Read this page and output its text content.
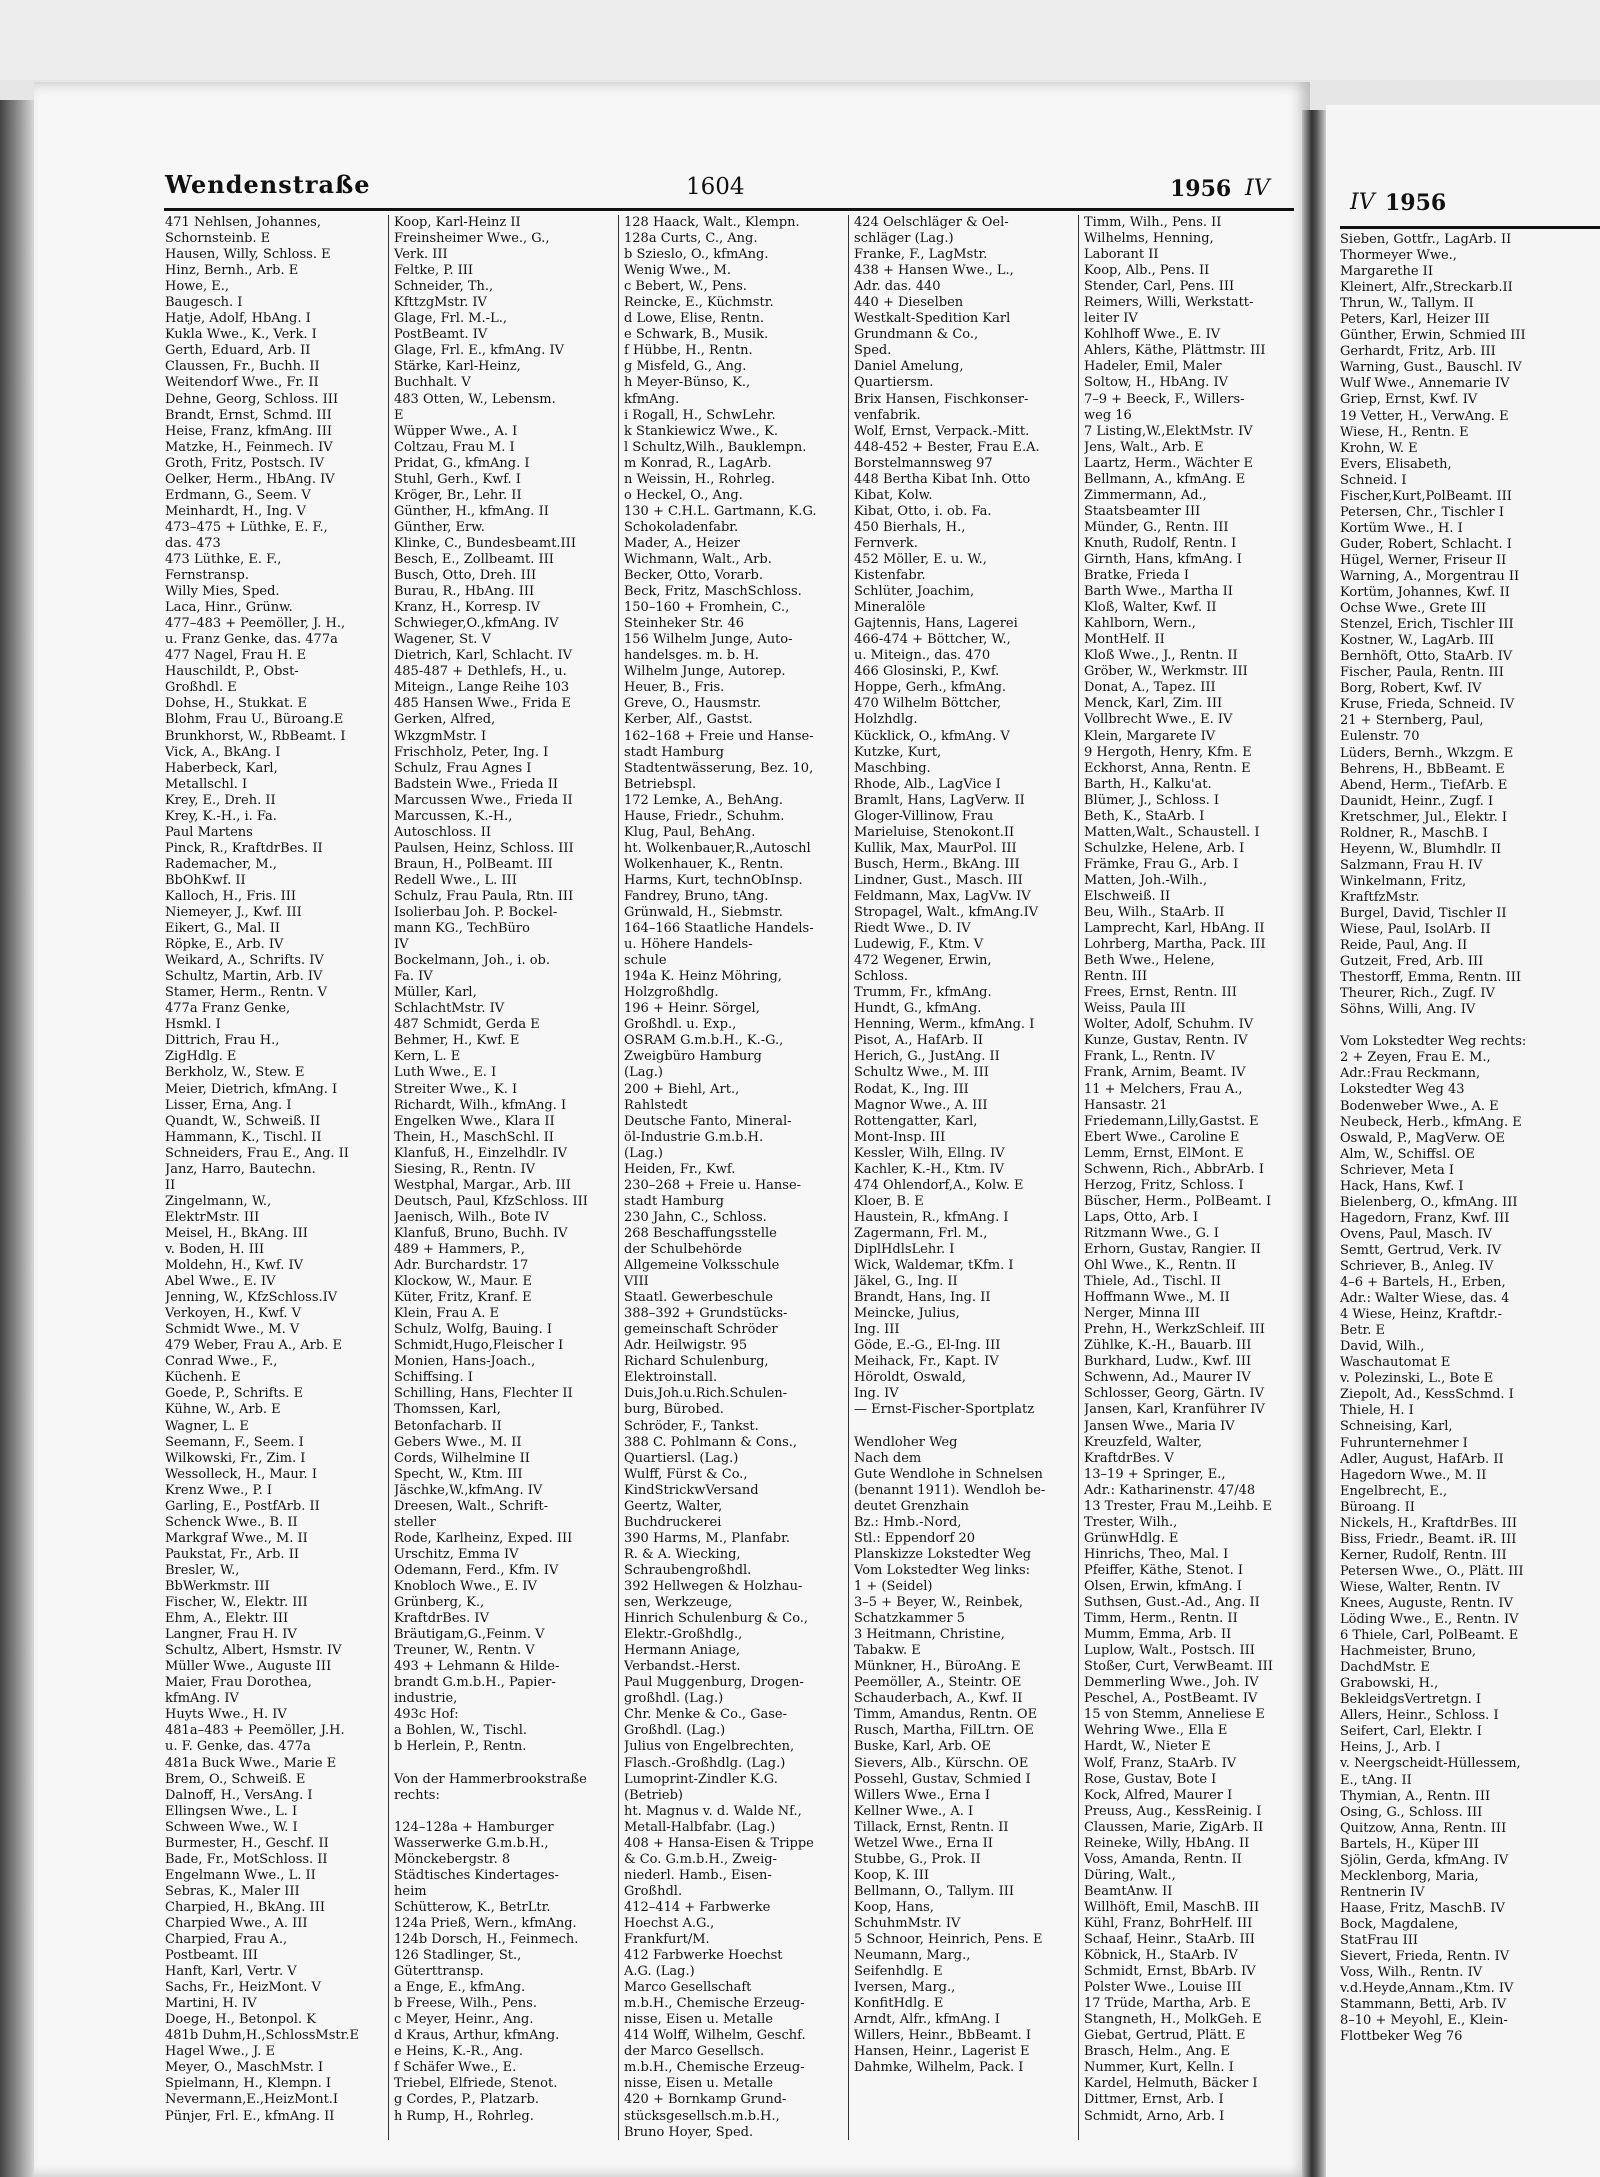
Wendenstraße	1604	1956 IV
IV 1956
471 Nehlsen, Johannes,
Schornsteinb. E
Hausen, Willy, Schloss. E
Hinz, Bernh., Arb. E
Howe, E.,
Baugesch. I
Hatje, Adolf, HbAng. I
Kukla Wwe., K., Verk. I
Gerth, Eduard, Arb. II
Claussen, Fr., Buchh. II
Weitendorf Wwe., Fr. II
Dehne, Georg, Schloss. III
Brandt, Ernst, Schmd. III
Heise, Franz, kfmAng. III
Matzke, H., Feinmech. IV
Groth, Fritz, Postsch. IV
Oelker, Herm., HbAng. IV
Erdmann, G., Seem. V
Meinhardt, H., Ing. V
473–475 + Lüthke, E. F.,
das. 473
473 Lüthke, E. F.,
Fernstransp.
Willy Mies, Sped.
Laca, Hinr., Grünw.
477–483 + Peemöller, J. H.,
u. Franz Genke, das. 477a
477 Nagel, Frau H. E
Hauschildt, P., Obst-
Großhdl. E
Dohse, H., Stukkat. E
Blohm, Frau U., Büroang.E
Brunkhorst, W., RbBeamt. I
Vick, A., BkAng. I
Haberbeck, Karl,
Metallschl. I
Krey, E., Dreh. II
Krey, K.-H., i. Fa.
Paul Martens
Pinck, R., KraftdrBes. II
Rademacher, M.,
BbOhKwf. II
Kalloch, H., Fris. III
Niemeyer, J., Kwf. III
Eikert, G., Mal. II
Röpke, E., Arb. IV
Weikard, A., Schrifts. IV
Schultz, Martin, Arb. IV
Stamer, Herm., Rentn. V
477a Franz Genke,
Hsmkl. I
Dittrich, Frau H.,
ZigHdlg. E
Berkholz, W., Stew. E
Meier, Dietrich, kfmAng. I
Lisser, Erna, Ang. I
Quandt, W., Schweiß. II
Hammann, K., Tischl. II
Schneiders, Frau E., Ang. II
Janz, Harro, Bautechn.
II
Zingelmann, W.,
ElektrMstr. III
Meisel, H., BkAng. III
v. Boden, H. III
Moldehn, H., Kwf. IV
Abel Wwe., E. IV
Jenning, W., KfzSchloss.IV
Verkoyen, H., Kwf. V
Schmidt Wwe., M. V
479 Weber, Frau A., Arb. E
Conrad Wwe., F.,
Küchenh. E
Goede, P., Schrifts. E
Kühne, W., Arb. E
Wagner, L. E
Seemann, F., Seem. I
Wilkowski, Fr., Zim. I
Wessolleck, H., Maur. I
Krenz Wwe., P. I
Garling, E., PostfArb. II
Schenck Wwe., B. II
Markgraf Wwe., M. II
Paukstat, Fr., Arb. II
Bresler, W.,
BbWerkmstr. III
Fischer, W., Elektr. III
Ehm, A., Elektr. III
Langner, Frau H. IV
Schultz, Albert, Hsmstr. IV
Müller Wwe., Auguste III
Maier, Frau Dorothea,
kfmAng. IV
Huyts Wwe., H. IV
481a–483 + Peemöller, J.H.
u. F. Genke, das. 477a
481a Buck Wwe., Marie E
Brem, O., Schweiß. E
Dalnoff, H., VersAng. I
Ellingsen Wwe., L. I
Schween Wwe., W. I
Burmester, H., Geschf. II
Bade, Fr., MotSchloss. II
Engelmann Wwe., L. II
Sebras, K., Maler III
Charpied, H., BkAng. III
Charpied Wwe., A. III
Charpied, Frau A.,
Postbeamt. III
Hanft, Karl, Vertr. V
Sachs, Fr., HeizMont. V
Martini, H. IV
Doege, H., Betonpol. K
481b Duhm,H.,SchlossMstr.E
Hagel Wwe., J. E
Meyer, O., MaschMstr. I
Spielmann, H., Klempn. I
Nevermann,E.,HeizMont.I
Pünjer, Frl. E., kfmAng. II
Koop, Karl-Heinz II
Freinsheimer Wwe., G.,
Verk. III
Feltke, P. III
Schneider, Th.,
KfttzgMstr. IV
Glage, Frl. M.-L.,
PostBeamt. IV
Glage, Frl. E., kfmAng. IV
Stärke, Karl-Heinz,
Buchhalt. V
483 Otten, W., Lebensm.
E
Wüpper Wwe., A. I
Coltzau, Frau M. I
Pridat, G., kfmAng. I
Stuhl, Gerh., Kwf. I
Kröger, Br., Lehr. II
Günther, H., kfmAng. II
Günther, Erw.
Klinke, C., Bundesbeamt.III
Besch, E., Zollbeamt. III
Busch, Otto, Dreh. III
Burau, R., HbAng. III
Kranz, H., Korresp. IV
Schwieger,O.,kfmAng. IV
Wagener, St. V
Dietrich, Karl, Schlacht. IV
485-487 + Dethlefs, H., u.
Miteign., Lange Reihe 103
485 Hansen Wwe., Frida E
Gerken, Alfred,
WkzgmMstr. I
Frischholz, Peter, Ing. I
Schulz, Frau Agnes I
Badstein Wwe., Frieda II
Marcussen Wwe., Frieda II
Marcussen, K.-H.,
Autoschloss. II
Paulsen, Heinz, Schloss. III
Braun, H., PolBeamt. III
Redell Wwe., L. III
Schulz, Frau Paula, Rtn. III
Isolierbau Joh. P. Bockel-
mann KG., TechBüro
IV
Bockelmann, Joh., i. ob.
Fa. IV
Müller, Karl,
SchlachtMstr. IV
487 Schmidt, Gerda E
Behmer, H., Kwf. E
Kern, L. E
Luth Wwe., E. I
Streiter Wwe., K. I
Richardt, Wilh., kfmAng. I
Engelken Wwe., Klara II
Thein, H., MaschSchl. II
Klanfuß, H., Einzelhdlr. IV
Siesing, R., Rentn. IV
Westphal, Margar., Arb. III
Deutsch, Paul, KfzSchloss. III
Jaenisch, Wilh., Bote IV
Klanfuß, Bruno, Buchh. IV
489 + Hammers, P.,
Adr. Burchardstr. 17
Klockow, W., Maur. E
Küter, Fritz, Kranf. E
Klein, Frau A. E
Schulz, Wolfg, Bauing. I
Schmidt,Hugo,Fleischer I
Monien, Hans-Joach.,
Schiffsing. I
Schilling, Hans, Flechter II
Thomssen, Karl,
Betonfacharb. II
Gebers Wwe., M. II
Cords, Wilhelmine II
Specht, W., Ktm. III
Jäschke,W.,kfmAng. IV
Dreesen, Walt., Schrift-
steller
Rode, Karlheinz, Exped. III
Urschitz, Emma IV
Odemann, Ferd., Kfm. IV
Knobloch Wwe., E. IV
Grünberg, K.,
KraftdrBes. IV
Bräutigam,G.,Feinm. V
Treuner, W., Rentn. V
493 + Lehmann & Hilde-
brandt G.m.b.H., Papier-
industrie,
493c Hof:
a Bohlen, W., Tischl.
b Herlein, P., Rentn.

Von der Hammerbrookstraße
rechts:

124–128a + Hamburger
Wasserwerke G.m.b.H.,
Mönckebergstr. 8
Städtisches Kindertages-
heim
Schütterow, K., BetrLtr.
124a Prieß, Wern., kfmAng.
124b Dorsch, H., Feinmech.
126 Stadlinger, St.,
Güterttransp.
a Enge, E., kfmAng.
b Freese, Wilh., Pens.
c Meyer, Heinr., Ang.
d Kraus, Arthur, kfmAng.
e Heins, K.-R., Ang.
f Schäfer Wwe., E.
Triebel, Elfriede, Stenot.
g Cordes, P., Platzarb.
h Rump, H., Rohrleg.
128 Haack, Walt., Klempn.
128a Curts, C., Ang.
b Szieslo, O., kfmAng.
Wenig Wwe., M.
c Bebert, W., Pens.
Reincke, E., Küchmstr.
d Lowe, Elise, Rentn.
e Schwark, B., Musik.
f Hübbe, H., Rentn.
g Misfeld, G., Ang.
h Meyer-Bünso, K.,
kfmAng.
i Rogall, H., SchwLehr.
k Stankiewicz Wwe., K.
l Schultz,Wilh., Bauklempn.
m Konrad, R., LagArb.
n Weissin, H., Rohrleg.
o Heckel, O., Ang.
130 + C.H.L. Gartmann, K.G.
Schokoladenfabr.
Mader, A., Heizer
Wichmann, Walt., Arb.
Becker, Otto, Vorarb.
Beck, Fritz, MaschSchloss.
150–160 + Fromhein, C.,
Steinheker Str. 46
156 Wilhelm Junge, Auto-
handelsges. m. b. H.
Wilhelm Junge, Autorep.
Heuer, B., Fris.
Greve, O., Hausmstr.
Kerber, Alf., Gastst.
162–168 + Freie und Hanse-
stadt Hamburg
Stadtentwässerung, Bez. 10,
Betriebspl.
172 Lemke, A., BehAng.
Hause, Friedr., Schuhm.
Klug, Paul, BehAng.
ht. Wolkenbauer,R.,Autoschl
Wolkenhauer, K., Rentn.
Harms, Kurt, technObInsp.
Fandrey, Bruno, tAng.
Grünwald, H., Siebmstr.
164–166 Staatliche Handels-
u. Höhere Handels-
schule
194a K. Heinz Möhring,
Holzgroßhdlg.
196 + Heinr. Sörgel,
Großhdl. u. Exp.,
OSRAM G.m.b.H., K.-G.,
Zweigbüro Hamburg
(Lag.)
200 + Biehl, Art.,
Rahlstedt
Deutsche Fanto, Mineral-
öl-Industrie G.m.b.H.
(Lag.)
Heiden, Fr., Kwf.
230–268 + Freie u. Hanse-
stadt Hamburg
230 Jahn, C., Schloss.
268 Beschaffungsstelle
der Schulbehörde
Allgemeine Volksschule
VIII
Staatl. Gewerbeschule
388–392 + Grundstücks-
gemeinschaft Schröder
Adr. Heilwigstr. 95
Richard Schulenburg,
Elektroinstall.
Duis,Joh.u.Rich.Schulen-
burg, Bürobed.
Schröder, F., Tankst.
388 C. Pohlmann & Cons.,
Quartiersl. (Lag.)
Wulff, Fürst & Co.,
KindStrickwVersand
Geertz, Walter,
Buchdruckerei
390 Harms, M., Planfabr.
R. & A. Wiecking,
Schraubengroßhdl.
392 Hellwegen & Holzhau-
sen, Werkzeuge,
Hinrich Schulenburg & Co.,
Elektr.-Großhdlg.,
Hermann Aniage,
Verbandst.-Herst.
Paul Muggenburg, Drogen-
großhdl. (Lag.)
Chr. Menke & Co., Gase-
Großhdl. (Lag.)
Julius von Engelbrechten,
Flasch.-Großhdlg. (Lag.)
Lumoprint-Zindler K.G.
(Betrieb)
ht. Magnus v. d. Walde Nf.,
Metall-Halbfabr. (Lag.)
408 + Hansa-Eisen & Trippe
& Co. G.m.b.H., Zweig-
niederl. Hamb., Eisen-
Großhdl.
412–414 + Farbwerke
Hoechst A.G.,
Frankfurt/M.
412 Farbwerke Hoechst
A.G. (Lag.)
Marco Gesellschaft
m.b.H., Chemische Erzeug-
nisse, Eisen u. Metalle
414 Wolff, Wilhelm, Geschf.
der Marco Gesellsch.
m.b.H., Chemische Erzeug-
nisse, Eisen u. Metalle
420 + Bornkamp Grund-
stücksgesellsch.m.b.H.,
Bruno Hoyer, Sped.
424 Oelschläger & Oel-
schläger (Lag.)
Franke, F., LagMstr.
438 + Hansen Wwe., L.,
Adr. das. 440
440 + Dieselben
Westkalt-Spedition Karl
Grundmann & Co.,
Sped.
Daniel Amelung,
Quartiersm.
Brix Hansen, Fischkonser-
venfabrik.
Wolf, Ernst, Verpack.-Mitt.
448-452 + Bester, Frau E.A.
Borstelmannsweg 97
448 Bertha Kibat Inh. Otto
Kibat, Kolw.
Kibat, Otto, i. ob. Fa.
450 Bierhals, H.,
Fernverk.
452 Möller, E. u. W.,
Kistenfabr.
Schlüter, Joachim,
Mineralöle
Gajtennis, Hans, Lagerei
466-474 + Böttcher, W.,
u. Miteign., das. 470
466 Glosinski, P., Kwf.
Hoppe, Gerh., kfmAng.
470 Wilhelm Böttcher,
Holzhdlg.
Kücklick, O., kfmAng. V
Kutzke, Kurt,
Maschbing.
Rhode, Alb., LagVice I
Bramlt, Hans, LagVerw. II
Gloger-Villinow, Frau
Marieluise, Stenokont.II
Kullik, Max, MaurPol. III
Busch, Herm., BkAng. III
Lindner, Gust., Masch. III
Feldmann, Max, LagVw. IV
Stropagel, Walt., kfmAng.IV
Riedt Wwe., D. IV
Ludewig, F., Ktm. V
472 Wegener, Erwin,
Schloss.
Trumm, Fr., kfmAng.
Hundt, G., kfmAng.
Henning, Werm., kfmAng. I
Pisot, A., HafArb. II
Herich, G., JustAng. II
Schultz Wwe., M. III
Rodat, K., Ing. III
Magnor Wwe., A. III
Rottengatter, Karl,
Mont-Insp. III
Kessler, Wilh, Ellng. IV
Kachler, K.-H., Ktm. IV
474 Ohlendorf,A., Kolw. E
Kloer, B. E
Haustein, R., kfmAng. I
Zagermann, Frl. M.,
DiplHdlsLehr. I
Wick, Waldemar, tKfm. I
Jäkel, G., Ing. II
Brandt, Hans, Ing. II
Meincke, Julius,
Ing. III
Göde, E.-G., El-Ing. III
Meihack, Fr., Kapt. IV
Höroldt, Oswald,
Ing. IV
— Ernst-Fischer-Sportplatz

Wendloher Weg
Nach dem
Gute Wendlohe in Schnelsen
(benannt 1911). Wendloh be-
deutet Grenzhain
Bz.: Hmb.-Nord,
Stl.: Eppendorf 20
Planskizze Lokstedter Weg
Vom Lokstedter Weg links:
1 + (Seidel)
3–5 + Beyer, W., Reinbek,
Schatzkammer 5
3 Heitmann, Christine,
Tabakw. E
Münkner, H., BüroAng. E
Peemöller, A., Steintr. OE
Schauderbach, A., Kwf. II
Timm, Amandus, Rentn. OE
Rusch, Martha, FilLtrn. OE
Buske, Karl, Arb. OE
Sievers, Alb., Kürschn. OE
Possehl, Gustav, Schmied I
Willers Wwe., Erna I
Kellner Wwe., A. I
Tillack, Ernst, Rentn. II
Wetzel Wwe., Erna II
Stubbe, G., Prok. II
Koop, K. III
Bellmann, O., Tallym. III
Koop, Hans,
SchuhmMstr. IV
5 Schnoor, Heinrich, Pens. E
Neumann, Marg.,
Seifenhdlg. E
Iversen, Marg.,
KonfitHdlg. E
Arndt, Alfr., kfmAng. I
Willers, Heinr., BbBeamt. I
Hansen, Heinr., Lagerist E
Dahmke, Wilhelm, Pack. I
Timm, Wilh., Pens. II
Wilhelms, Henning,
Laborant II
Koop, Alb., Pens. II
Stender, Carl, Pens. III
Reimers, Willi, Werkstatt-
leiter IV
Kohlhoff Wwe., E. IV
Ahlers, Käthe, Plättmstr. III
Hadeler, Emil, Maler
Soltow, H., HbAng. IV
7–9 + Beeck, F., Willers-
weg 16
7 Listing,W.,ElektMstr. IV
Jens, Walt., Arb. E
Laartz, Herm., Wächter E
Bellmann, A., kfmAng. E
Zimmermann, Ad.,
Staatsbeamter III
Münder, G., Rentn. III
Knuth, Rudolf, Rentn. I
Girnth, Hans, kfmAng. I
Bratke, Frieda I
Barth Wwe., Martha II
Kloß, Walter, Kwf. II
Kahlborn, Wern.,
MontHelf. II
Kloß Wwe., J., Rentn. II
Gröber, W., Werkmstr. III
Donat, A., Tapez. III
Menck, Karl, Zim. III
Vollbrecht Wwe., E. IV
Klein, Margarete IV
9 Hergoth, Henry, Kfm. E
Eckhorst, Anna, Rentn. E
Barth, H., Kalku'at.
Blümer, J., Schloss. I
Beth, K., StaArb. I
Matten,Walt., Schaustell. I
Schulzke, Helene, Arb. I
Främke, Frau G., Arb. I
Matten, Joh.-Wilh.,
Elschweiß. II
Beu, Wilh., StaArb. II
Lamprecht, Karl, HbAng. II
Lohrberg, Martha, Pack. III
Beth Wwe., Helene,
Rentn. III
Frees, Ernst, Rentn. III
Weiss, Paula III
Wolter, Adolf, Schuhm. IV
Kunze, Gustav, Rentn. IV
Frank, L., Rentn. IV
Frank, Arnim, Beamt. IV
11 + Melchers, Frau A.,
Hansastr. 21
Friedemann,Lilly,Gastst. E
Ebert Wwe., Caroline E
Lemm, Ernst, ElMont. E
Schwenn, Rich., AbbrArb. I
Herzog, Fritz, Schloss. I
Büscher, Herm., PolBeamt. I
Laps, Otto, Arb. I
Ritzmann Wwe., G. I
Erhorn, Gustav, Rangier. II
Ohl Wwe., K., Rentn. II
Thiele, Ad., Tischl. II
Hoffmann Wwe., M. II
Nerger, Minna III
Prehn, H., WerkzSchleif. III
Zühlke, K.-H., Bauarb. III
Burkhard, Ludw., Kwf. III
Schwenn, Ad., Maurer IV
Schlosser, Georg, Gärtn. IV
Jansen, Karl, Kranführer IV
Jansen Wwe., Maria IV
Kreuzfeld, Walter,
KraftdrBes. V
13–19 + Springer, E.,
Adr.: Katharinenstr. 47/48
13 Trester, Frau M.,Leihb. E
Trester, Wilh.,
GrünwHdlg. E
Hinrichs, Theo, Mal. I
Pfeiffer, Käthe, Stenot. I
Olsen, Erwin, kfmAng. I
Suthsen, Gust.-Ad., Ang. II
Timm, Herm., Rentn. II
Mumm, Emma, Arb. II
Luplow, Walt., Postsch. III
Stoßer, Curt, VerwBeamt. III
Demmerling Wwe., Joh. IV
Peschel, A., PostBeamt. IV
15 von Stemm, Anneliese E
Wehring Wwe., Ella E
Hardt, W., Nieter E
Wolf, Franz, StaArb. IV
Rose, Gustav, Bote I
Kock, Alfred, Maurer I
Preuss, Aug., KessReinig. I
Claussen, Marie, ZigArb. II
Reineke, Willy, HbAng. II
Voss, Amanda, Rentn. II
Düring, Walt.,
BeamtAnw. II
Willhöft, Emil, MaschB. III
Kühl, Franz, BohrHelf. III
Schaaf, Heinr., StaArb. III
Köbnick, H., StaArb. IV
Schmidt, Ernst, BbArb. IV
Polster Wwe., Louise III
17 Trüde, Martha, Arb. E
Stangneth, H., MolkGeh. E
Giebat, Gertrud, Plätt. E
Brasch, Helm., Ang. E
Nummer, Kurt, Kelln. I
Kardel, Helmuth, Bäcker I
Dittmer, Ernst, Arb. I
Schmidt, Arno, Arb. I
Sieben, Gottfr., LagArb. II
Thormeyer Wwe.,
Margarethe II
Kleinert, Alfr.,Streckarb.II
Thrun, W., Tallym. II
Peters, Karl, Heizer III
Günther, Erwin, Schmied III
Gerhardt, Fritz, Arb. III
Warning, Gust., Bauschl. IV
Wulf Wwe., Annemarie IV
Griep, Ernst, Kwf. IV
19 Vetter, H., VerwAng. E
Wiese, H., Rentn. E
Krohn, W. E
Evers, Elisabeth,
Schneid. I
Fischer,Kurt,PolBeamt. III
Petersen, Chr., Tischler I
Kortüm Wwe., H. I
Guder, Robert, Schlacht. I
Hügel, Werner, Friseur II
Warning, A., Morgentrau II
Kortüm, Johannes, Kwf. II
Ochse Wwe., Grete III
Stenzel, Erich, Tischler III
Kostner, W., LagArb. III
Bernhöft, Otto, StaArb. IV
Fischer, Paula, Rentn. III
Borg, Robert, Kwf. IV
Kruse, Frieda, Schneid. IV
21 + Sternberg, Paul,
Eulenstr. 70
Lüders, Bernh., Wkzgm. E
Behrens, H., BbBeamt. E
Abend, Herm., TiefArb. E
Daunidt, Heinr., Zugf. I
Kretschmer, Jul., Elektr. I
Roldner, R., MaschB. I
Heyenn, W., Blumhdlr. II
Salzmann, Frau H. IV
Winkelmann, Fritz,
KraftfzMstr.
Burgel, David, Tischler II
Wiese, Paul, IsolArb. II
Reide, Paul, Ang. II
Gutzeit, Fred, Arb. III
Thestorff, Emma, Rentn. III
Theurer, Rich., Zugf. IV
Söhns, Willi, Ang. IV

Vom Lokstedter Weg rechts:
2 + Zeyen, Frau E. M.,
Adr.:Frau Reckmann,
Lokstedter Weg 43
Bodenweber Wwe., A. E
Neubeck, Herb., kfmAng. E
Oswald, P., MagVerw. OE
Alm, W., Schiffsl. OE
Schriever, Meta I
Hack, Hans, Kwf. I
Bielenberg, O., kfmAng. III
Hagedorn, Franz, Kwf. III
Ovens, Paul, Masch. IV
Semtt, Gertrud, Verk. IV
Schriever, B., Anleg. IV
4–6 + Bartels, H., Erben,
Adr.: Walter Wiese, das. 4
4 Wiese, Heinz, Kraftdr.-
Betr. E
David, Wilh.,
Waschautomat E
v. Polezinski, L., Bote E
Ziepolt, Ad., KessSchmd. I
Thiele, H. I
Schneising, Karl,
Fuhrunternehmer I
Adler, August, HafArb. II
Hagedorn Wwe., M. II
Engelbrecht, E.,
Büroang. II
Nickels, H., KraftdrBes. III
Biss, Friedr., Beamt. iR. III
Kerner, Rudolf, Rentn. III
Petersen Wwe., O., Plätt. III
Wiese, Walter, Rentn. IV
Knees, Auguste, Rentn. IV
Löding Wwe., E., Rentn. IV
6 Thiele, Carl, PolBeamt. E
Hachmeister, Bruno,
DachdMstr. E
Grabowski, H.,
BekleidgsVertretgn. I
Allers, Heinr., Schloss. I
Seifert, Carl, Elektr. I
Heins, J., Arb. I
v. Neergscheidt-Hüllessem,
E., tAng. II
Thymian, A., Rentn. III
Osing, G., Schloss. III
Quitzow, Anna, Rentn. III
Bartels, H., Küper III
Sjölin, Gerda, kfmAng. IV
Mecklenborg, Maria,
Rentnerin IV
Haase, Fritz, MaschB. IV
Bock, Magdalene,
StatFrau III
Sievert, Frieda, Rentn. IV
Voss, Wilh., Rentn. IV
v.d.Heyde,Annam.,Ktm. IV
Stammann, Betti, Arb. IV
8–10 + Meyohl, E., Klein-
Flottbeker Weg 76
